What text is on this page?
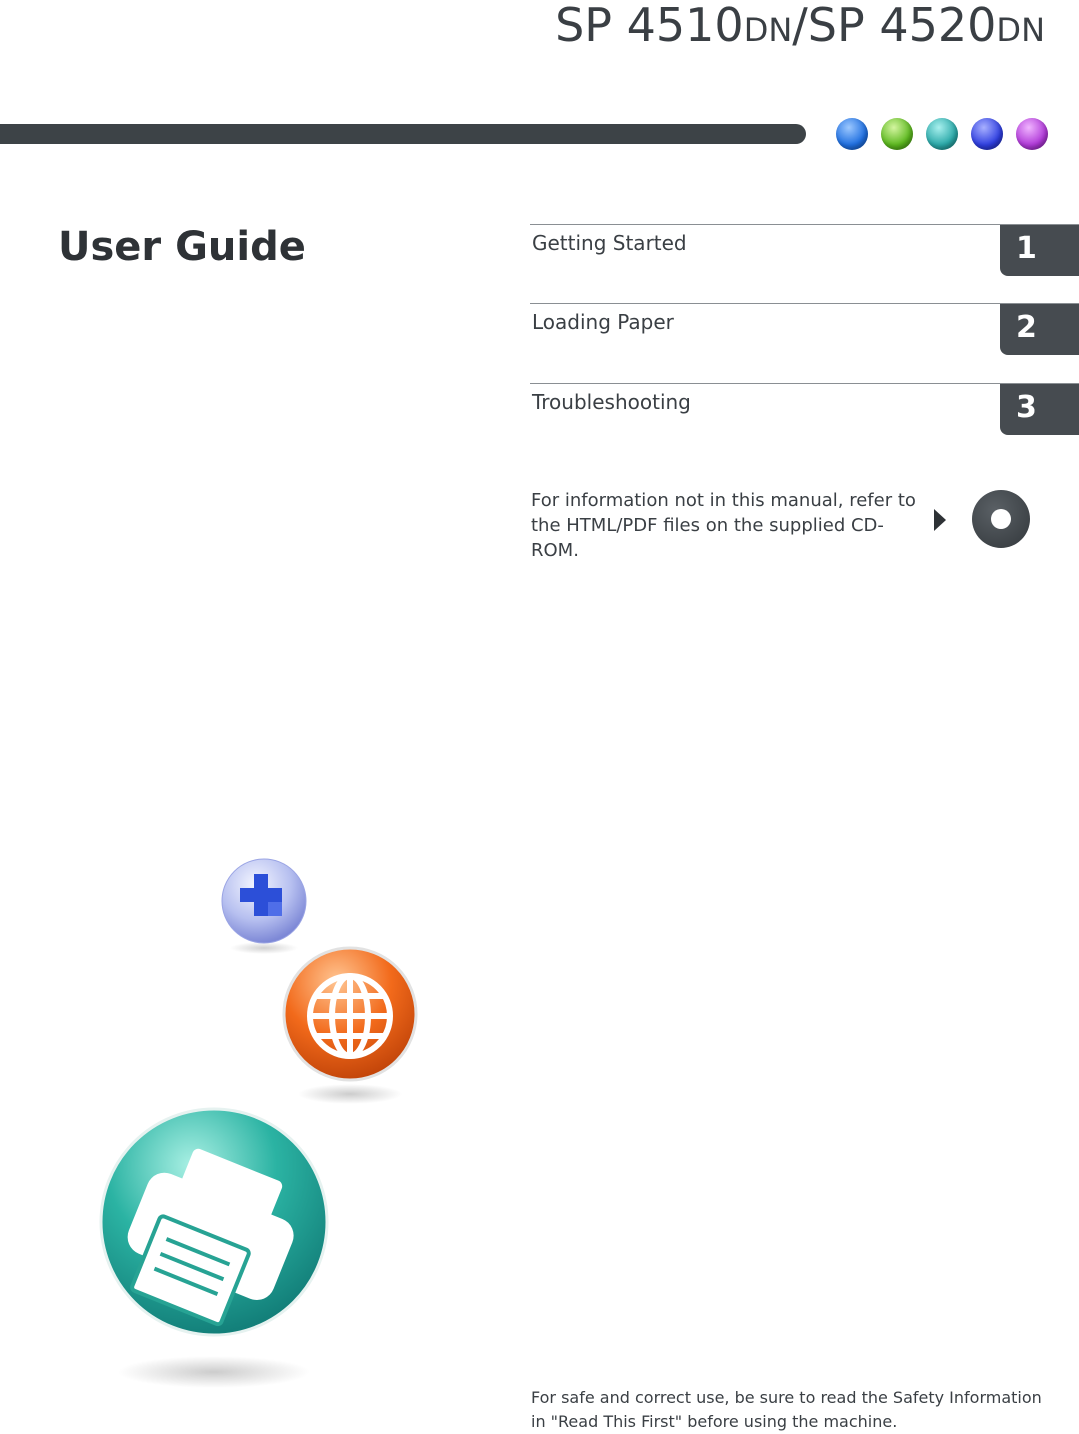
SP 4510DN/SP 4520DN
User Guide	Getting Started	1
Loading Paper	2
Troubleshooting	3
For information not in this manual, refer to the HTML/PDF files on the supplied CD-ROM.
For safe and correct use, be sure to read the Safety Information in "Read This First" before using the machine.
